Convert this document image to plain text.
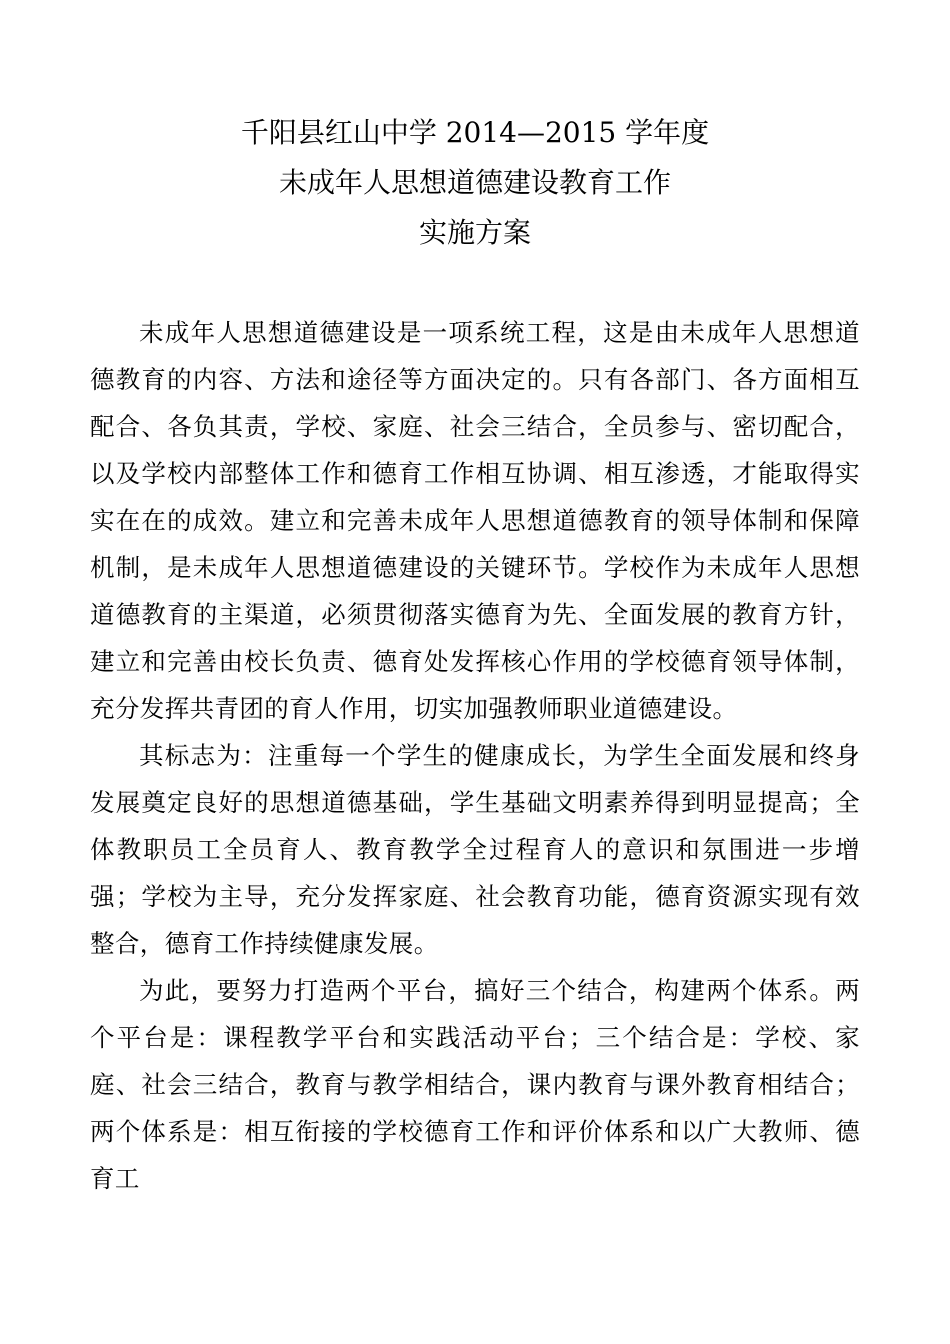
千阳县红山中学 2014—2015 学年度
未成年人思想道德建设教育工作
实施方案

未成年人思想道德建设是一项系统工程，这是由未成年人思想道德教育的内容、方法和途径等方面决定的。只有各部门、各方面相互配合、各负其责，学校、家庭、社会三结合，全员参与、密切配合，以及学校内部整体工作和德育工作相互协调、相互渗透，才能取得实实在在的成效。建立和完善未成年人思想道德教育的领导体制和保障机制，是未成年人思想道德建设的关键环节。学校作为未成年人思想道德教育的主渠道，必须贯彻落实德育为先、全面发展的教育方针，建立和完善由校长负责、德育处发挥核心作用的学校德育领导体制，充分发挥共青团的育人作用，切实加强教师职业道德建设。

其标志为：注重每一个学生的健康成长，为学生全面发展和终身发展奠定良好的思想道德基础，学生基础文明素养得到明显提高；全体教职员工全员育人、教育教学全过程育人的意识和氛围进一步增强；学校为主导，充分发挥家庭、社会教育功能，德育资源实现有效整合，德育工作持续健康发展。

为此，要努力打造两个平台，搞好三个结合，构建两个体系。两个平台是：课程教学平台和实践活动平台；三个结合是：学校、家庭、社会三结合，教育与教学相结合，课内教育与课外教育相结合；两个体系是：相互衔接的学校德育工作和评价体系和以广大教师、德育工
